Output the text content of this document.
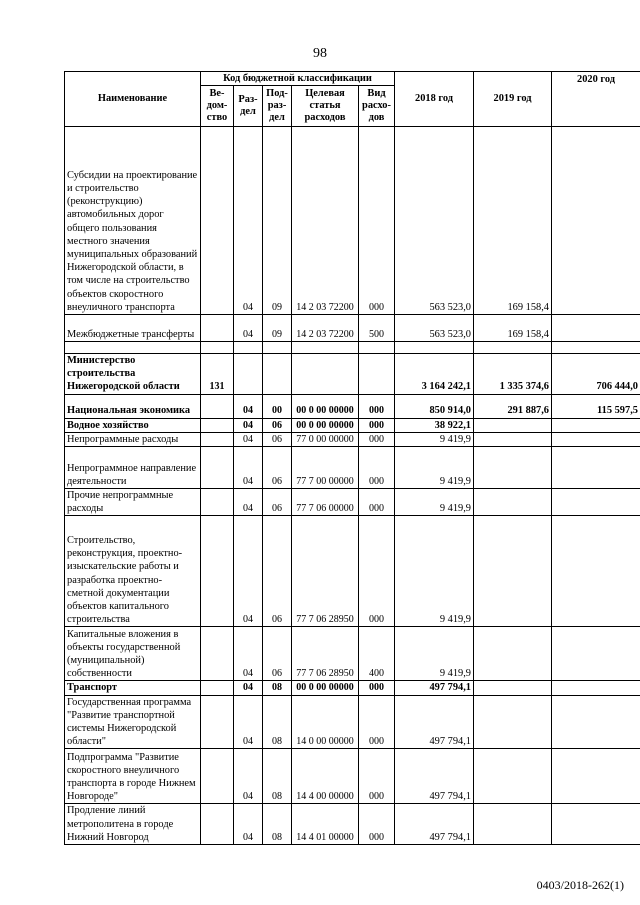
98
Наименование	Код бюджетной классификации					2018 год	2019 год	2020 год
	Ве-
дом-
ство	Раз-
дел	Под-
раз-
дел	Целевая
статья
расходов	Вид
расхо-
дов			
Субсидии на проектирование и строительство (реконструкцию) автомобильных дорог общего пользования местного значения муниципальных образований Нижегородской области, в том числе на строительство объектов скоростного внеуличного транспорта		04	09	14 2 03 72200	000	563 523,0	169 158,4	
Межбюджетные трансферты		04	09	14 2 03 72200	500	563 523,0	169 158,4	

Министерство строительства Нижегородской области	131					3 164 242,1	1 335 374,6	706 444,0
Национальная экономика		04	00	00 0 00 00000	000	850 914,0	291 887,6	115 597,5
Водное хозяйство		04	06	00 0 00 00000	000	38 922,1		
Непрограммные расходы		04	06	77 0 00 00000	000	9 419,9		
Непрограммное направление деятельности		04	06	77 7 00 00000	000	9 419,9		
Прочие непрограммные расходы		04	06	77 7 06 00000	000	9 419,9		
Строительство, реконструкция, проектно-изыскательские работы и разработка проектно-сметной документации объектов капитального строительства		04	06	77 7 06 28950	000	9 419,9		
Капитальные вложения в объекты государственной (муниципальной) собственности		04	06	77 7 06 28950	400	9 419,9		
Транспорт		04	08	00 0 00 00000	000	497 794,1		
Государственная программа "Развитие транспортной системы Нижегородской области"		04	08	14 0 00 00000	000	497 794,1		
Подпрограмма "Развитие скоростного внеуличного транспорта в городе Нижнем Новгороде"		04	08	14 4 00 00000	000	497 794,1		
Продление линий метрополитена в городе Нижний Новгород		04	08	14 4 01 00000	000	497 794,1		
0403/2018-262(1)
